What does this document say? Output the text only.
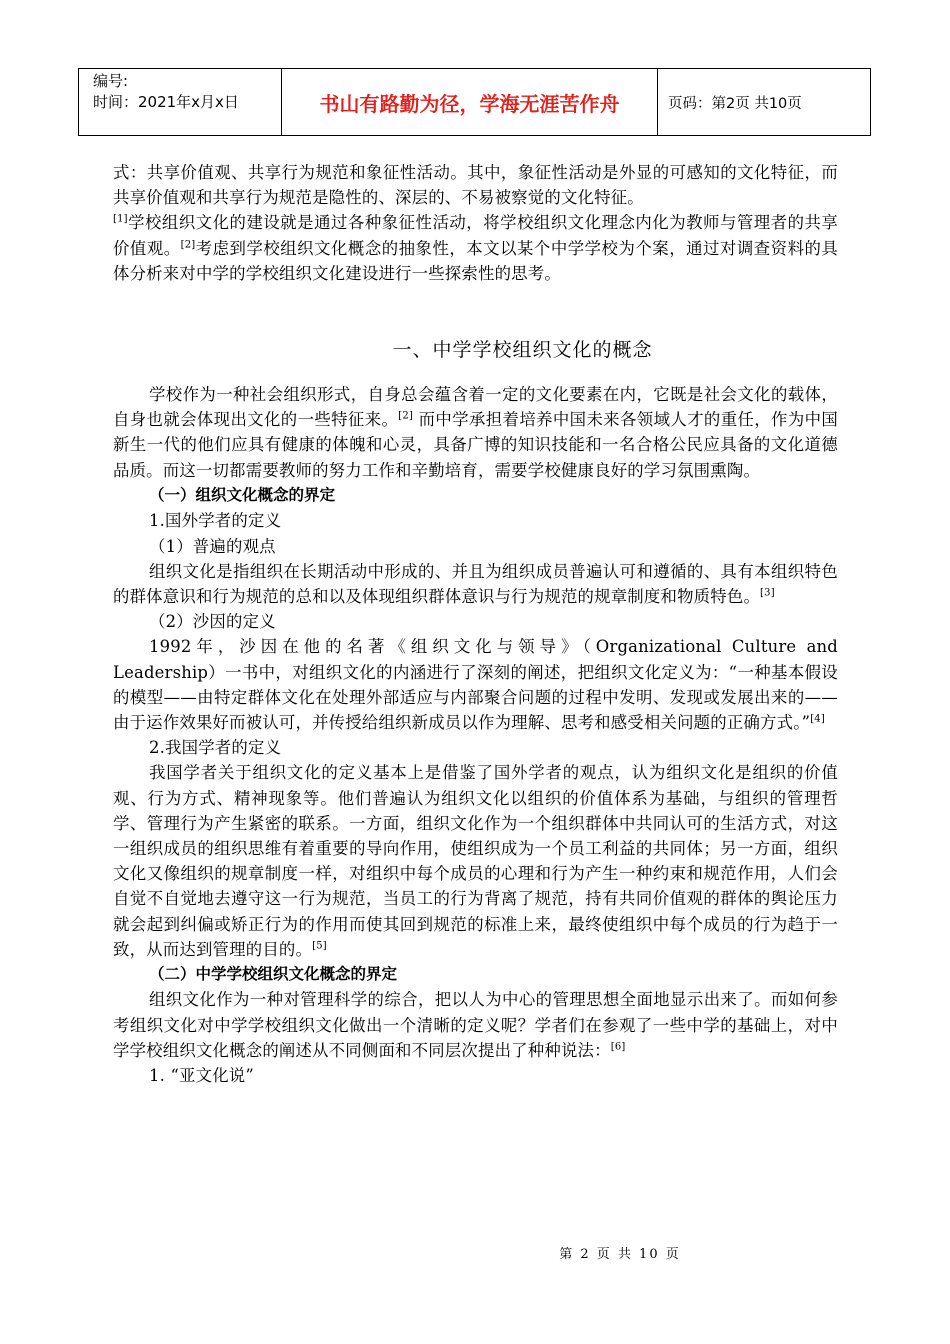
编号:
时间：2021年x月x日	书山有路勤为径，学海无涯苦作舟	页码：第2页 共10页

式：共享价值观、共享行为规范和象征性活动。其中，象征性活动是外显的可感知的文化特征，而共享价值观和共享行为规范是隐性的、深层的、不易被察觉的文化特征。
[1]学校组织文化的建设就是通过各种象征性活动，将学校组织文化理念内化为教师与管理者的共享价值观。[2]考虑到学校组织文化概念的抽象性，本文以某个中学学校为个案，通过对调查资料的具体分析来对中学的学校组织文化建设进行一些探索性的思考。

一、中学学校组织文化的概念

学校作为一种社会组织形式，自身总会蕴含着一定的文化要素在内，它既是社会文化的载体，自身也就会体现出文化的一些特征来。[2] 而中学承担着培养中国未来各领域人才的重任，作为中国新生一代的他们应具有健康的体魄和心灵，具备广博的知识技能和一名合格公民应具备的文化道德品质。而这一切都需要教师的努力工作和辛勤培育，需要学校健康良好的学习氛围熏陶。

（一）组织文化概念的界定

1.国外学者的定义

（1）普遍的观点

组织文化是指组织在长期活动中形成的、并且为组织成员普遍认可和遵循的、具有本组织特色的群体意识和行为规范的总和以及体现组织群体意识与行为规范的规章制度和物质特色。[3]

（2）沙因的定义

1992年，沙因在他的名著《组织文化与领导》（Organizational Culture and Leadership）一书中，对组织文化的内涵进行了深刻的阐述，把组织文化定义为：“一种基本假设的模型——由特定群体文化在处理外部适应与内部聚合问题的过程中发明、发现或发展出来的——由于运作效果好而被认可，并传授给组织新成员以作为理解、思考和感受相关问题的正确方式。”[4]

2.我国学者的定义

我国学者关于组织文化的定义基本上是借鉴了国外学者的观点，认为组织文化是组织的价值观、行为方式、精神现象等。他们普遍认为组织文化以组织的价值体系为基础，与组织的管理哲学、管理行为产生紧密的联系。一方面，组织文化作为一个组织群体中共同认可的生活方式，对这一组织成员的组织思维有着重要的导向作用，使组织成为一个员工利益的共同体；另一方面，组织文化又像组织的规章制度一样，对组织中每个成员的心理和行为产生一种约束和规范作用，人们会自觉不自觉地去遵守这一行为规范，当员工的行为背离了规范，持有共同价值观的群体的舆论压力就会起到纠偏或矫正行为的作用而使其回到规范的标准上来，最终使组织中每个成员的行为趋于一致，从而达到管理的目的。[5]

（二）中学学校组织文化概念的界定

组织文化作为一种对管理科学的综合，把以人为中心的管理思想全面地显示出来了。而如何参考组织文化对中学学校组织文化做出一个清晰的定义呢？学者们在参观了一些中学的基础上，对中学学校组织文化概念的阐述从不同侧面和不同层次提出了种种说法：[6]

1. “亚文化说”

第 2 页 共 10 页
